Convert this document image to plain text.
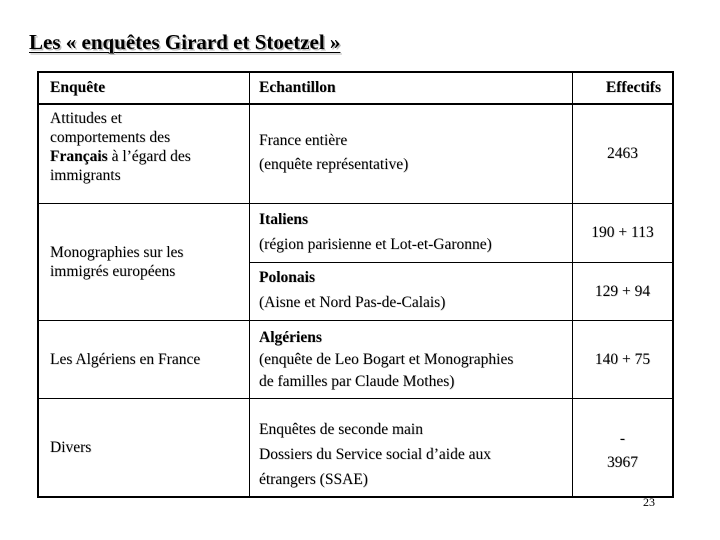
Les « enquêtes Girard et Stoetzel »
Enquête	Echantillon	Effectifs
Attitudes et
comportements des
Français à l’égard des
immigrants
France entière
(enquête représentative)
2463
Monographies sur les
immigrés européens
Italiens
(région parisienne et Lot-et-Garonne)
190 + 113
Polonais
(Aisne et Nord Pas-de-Calais)
129 + 94
Les Algériens en France
Algériens
(enquête de Leo Bogart et Monographies
de familles par Claude Mothes)
140 + 75
Divers
Enquêtes de seconde main
Dossiers du Service social d’aide aux
étrangers (SSAE)
-
3967
23
